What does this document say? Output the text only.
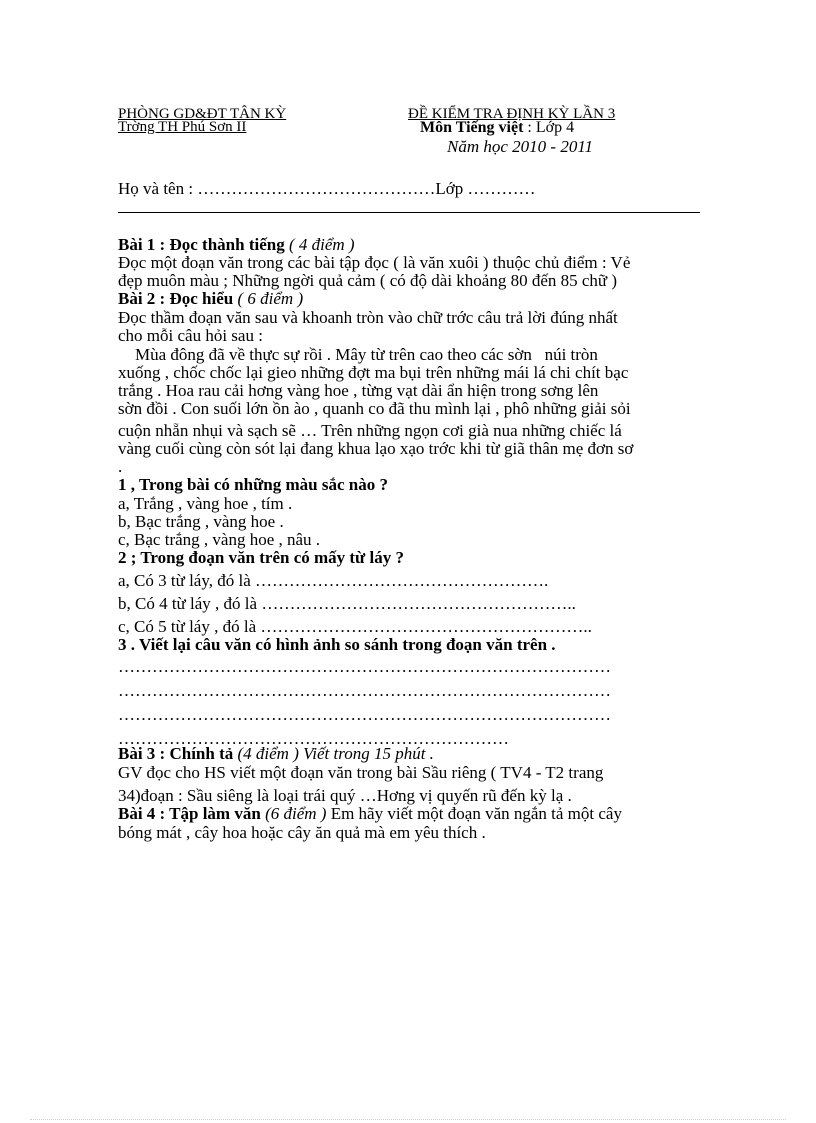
PHÒNG GD&ĐT TÂN KỲ
Trờng TH Phú Sơn II
ĐỀ KIỂM TRA ĐỊNH KỲ LẦN 3
Môn Tiếng việt : Lớp 4
Năm học 2010 - 2011
Họ và tên : ……………………………………Lớp …………
Bài 1 : Đọc thành tiếng ( 4 điểm )
Đọc một đoạn văn trong các bài tập đọc ( là văn xuôi ) thuộc chủ điểm : Vẻ
đẹp muôn màu ; Những ngời quả cảm ( có độ dài khoảng 80 đến 85 chữ )
Bài 2 : Đọc hiểu ( 6 điểm )
Đọc thầm đoạn văn sau và khoanh tròn vào chữ trớc câu trả lời đúng nhất
cho mỗi câu hỏi sau :
Mùa đông đã về thực sự rồi . Mây từ trên cao theo các sờn   núi tròn
xuống , chốc chốc lại gieo những đợt ma bụi trên những mái lá chi chít bạc
trắng . Hoa rau cải hơng vàng hoe , từng vạt dài ẩn hiện trong sơng lên
sờn đồi . Con suối lớn ồn ào , quanh co đã thu mình lại , phô những giải sỏi
cuộn nhẵn nhụi và sạch sẽ … Trên những ngọn cơi già nua những chiếc lá
vàng cuối cùng còn sót lại đang khua lạo xạo trớc khi từ giã thân mẹ đơn sơ
.
1 , Trong bài có những màu sắc nào ?
a, Trắng , vàng hoe , tím .
b, Bạc trắng , vàng hoe .
c, Bạc trắng , vàng hoe , nâu .
2 ; Trong đoạn văn trên có mấy từ láy ?
a, Có 3 từ láy, đó là …………………………………………….
b, Có 4 từ láy , đó là ………………………………………………..
c, Có 5 từ láy , đó là …………………………………………………..
3 . Viết lại câu văn có hình ảnh so sánh trong đoạn văn trên .
……………………………………………………………………………
……………………………………………………………………………
……………………………………………………………………………
……………………………………………………………
Bài 3 : Chính tả (4 điểm ) Viết trong 15 phút .
GV đọc cho HS viết một đoạn văn trong bài Sầu riêng ( TV4 - T2 trang
34)đoạn : Sầu siêng là loại trái quý …Hơng vị quyến rũ đến kỳ lạ .
Bài 4 : Tập làm văn (6 điểm ) Em hãy viết một đoạn văn ngắn tả một cây
bóng mát , cây hoa hoặc cây ăn quả mà em yêu thích .
